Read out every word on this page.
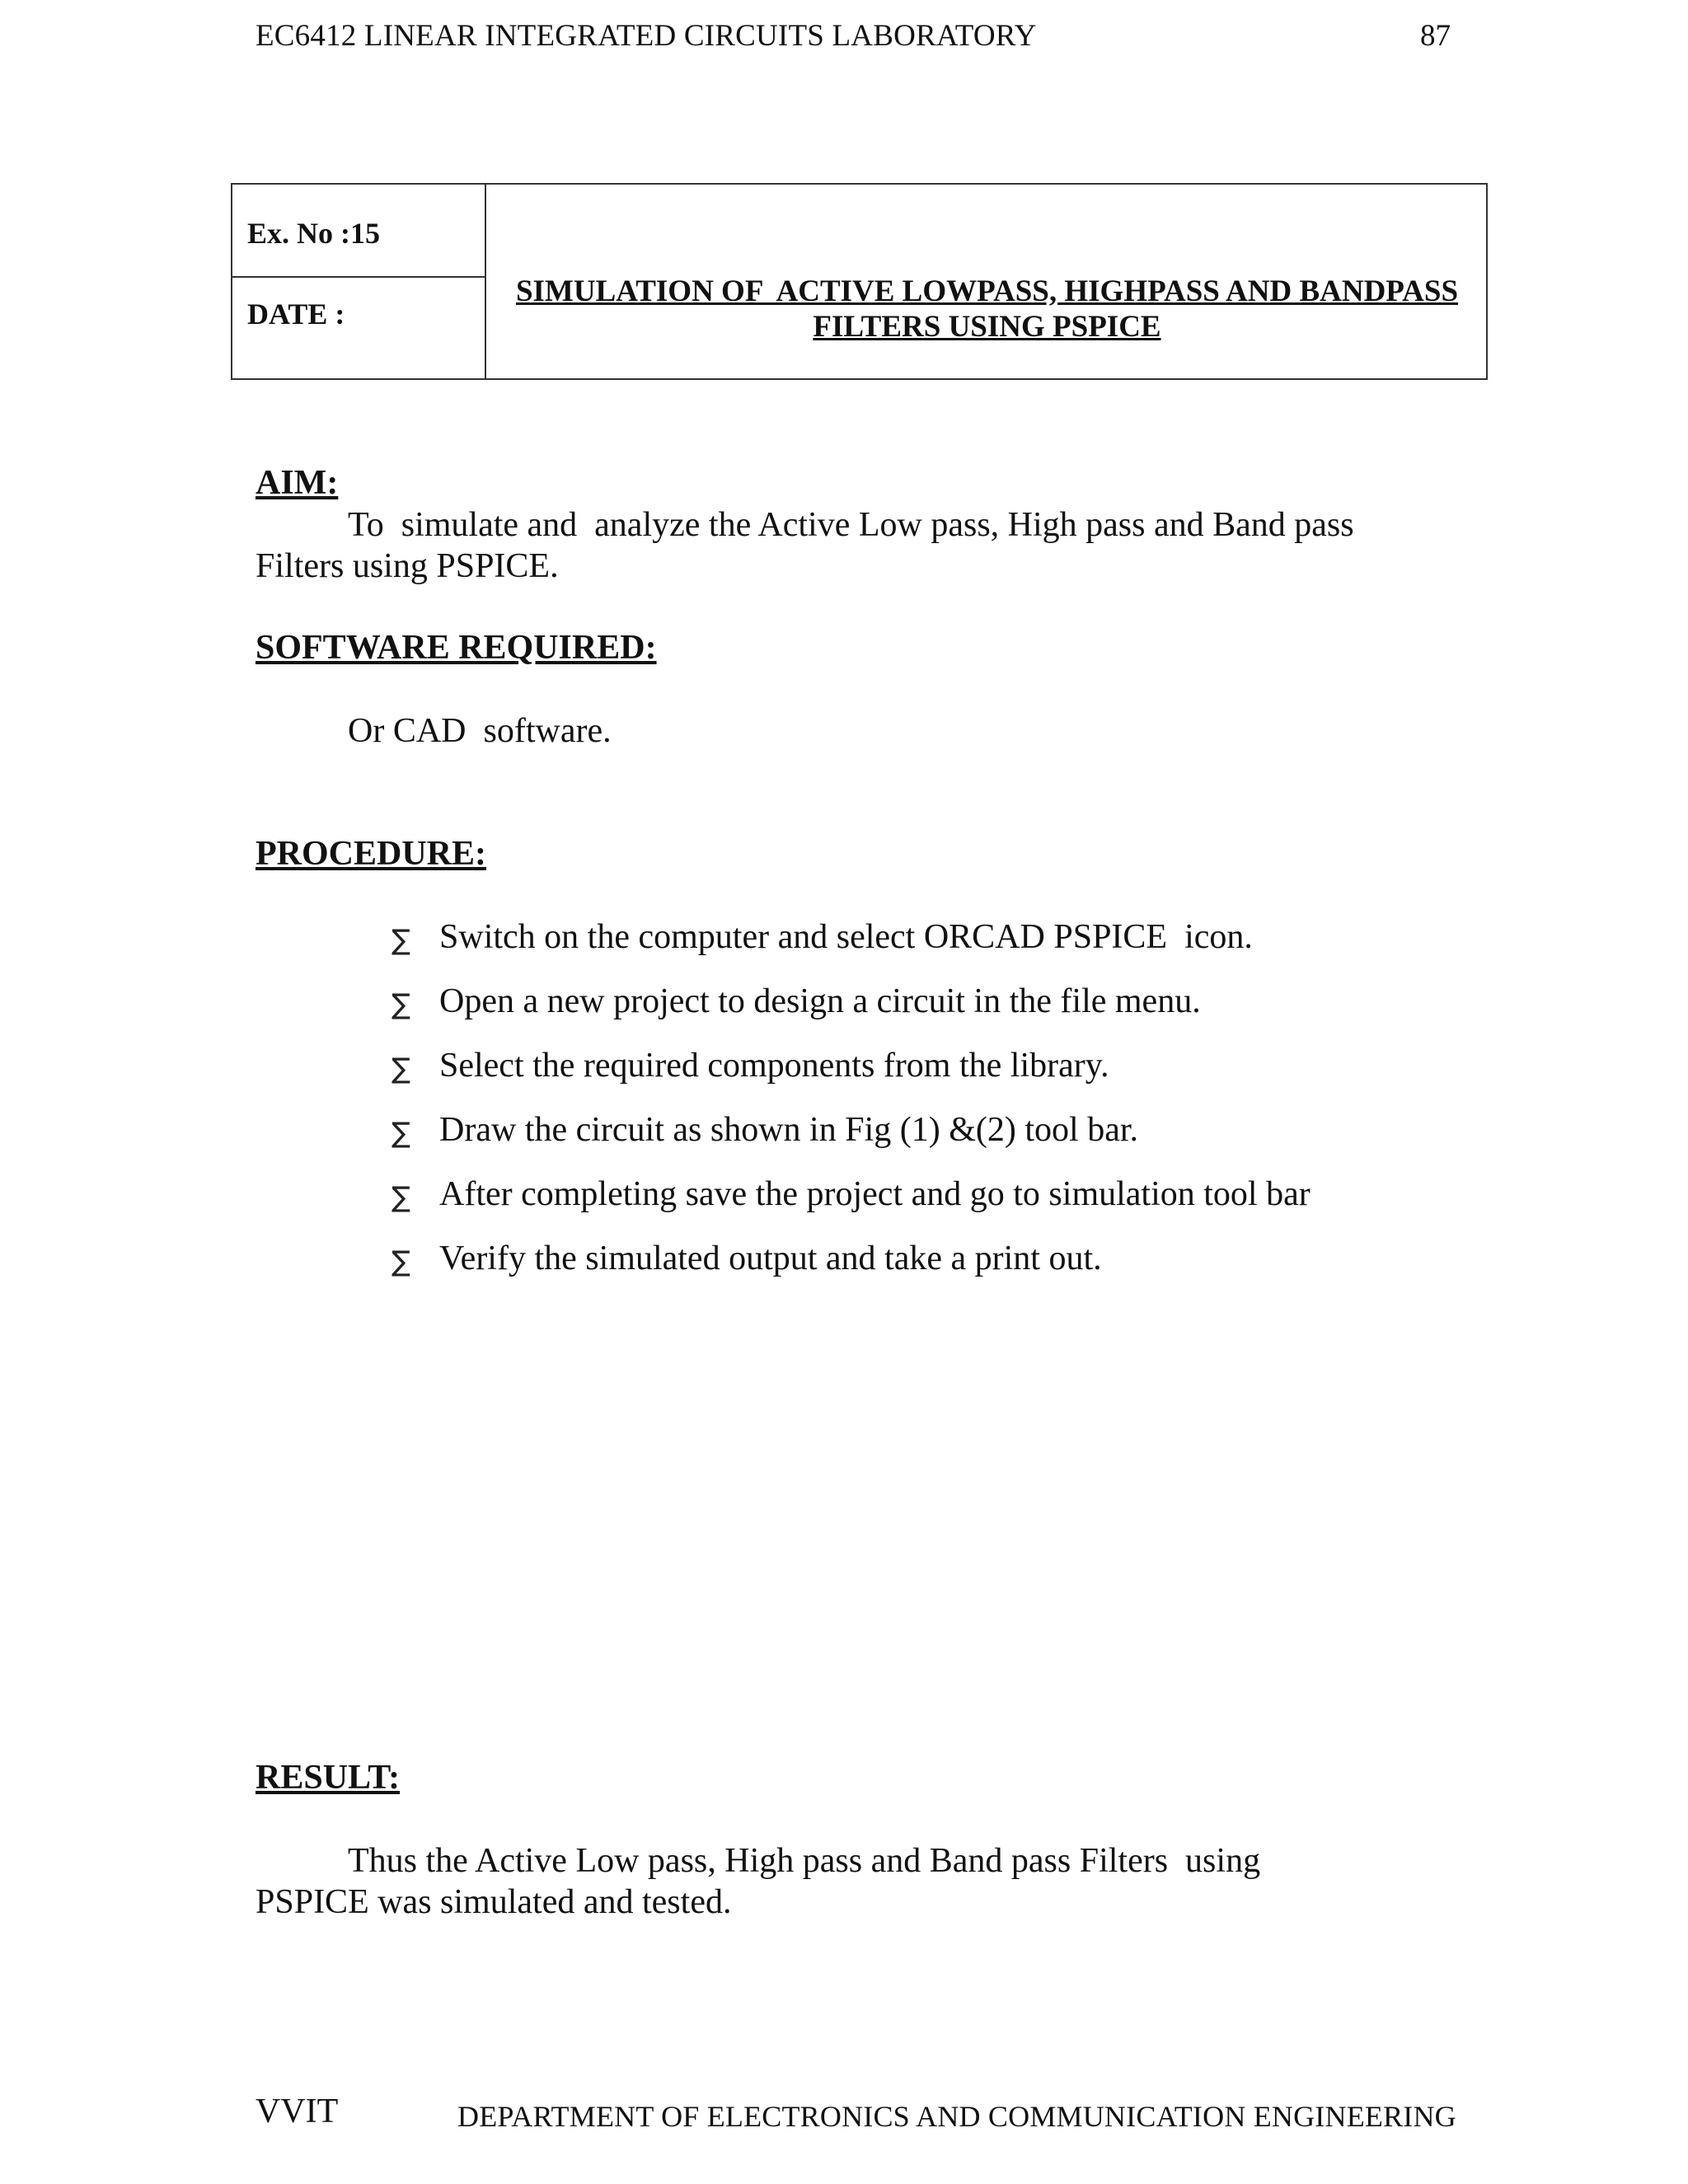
EC6412 LINEAR INTEGRATED CIRCUITS LABORATORY	87
Ex. No :15
DATE :
SIMULATION OF  ACTIVE LOWPASS, HIGHPASS AND BANDPASS
FILTERS USING PSPICE
AIM:
To  simulate and  analyze the Active Low pass, High pass and Band pass
Filters using PSPICE.
SOFTWARE REQUIRED:
Or CAD  software.
PROCEDURE:
∑ Switch on the computer and select ORCAD PSPICE  icon.
∑ Open a new project to design a circuit in the file menu.
∑ Select the required components from the library.
∑ Draw the circuit as shown in Fig (1) &(2) tool bar.
∑ After completing save the project and go to simulation tool bar
∑ Verify the simulated output and take a print out.
RESULT:
Thus the Active Low pass, High pass and Band pass Filters  using
PSPICE was simulated and tested.
VVIT	DEPARTMENT OF ELECTRONICS AND COMMUNICATION ENGINEERING
